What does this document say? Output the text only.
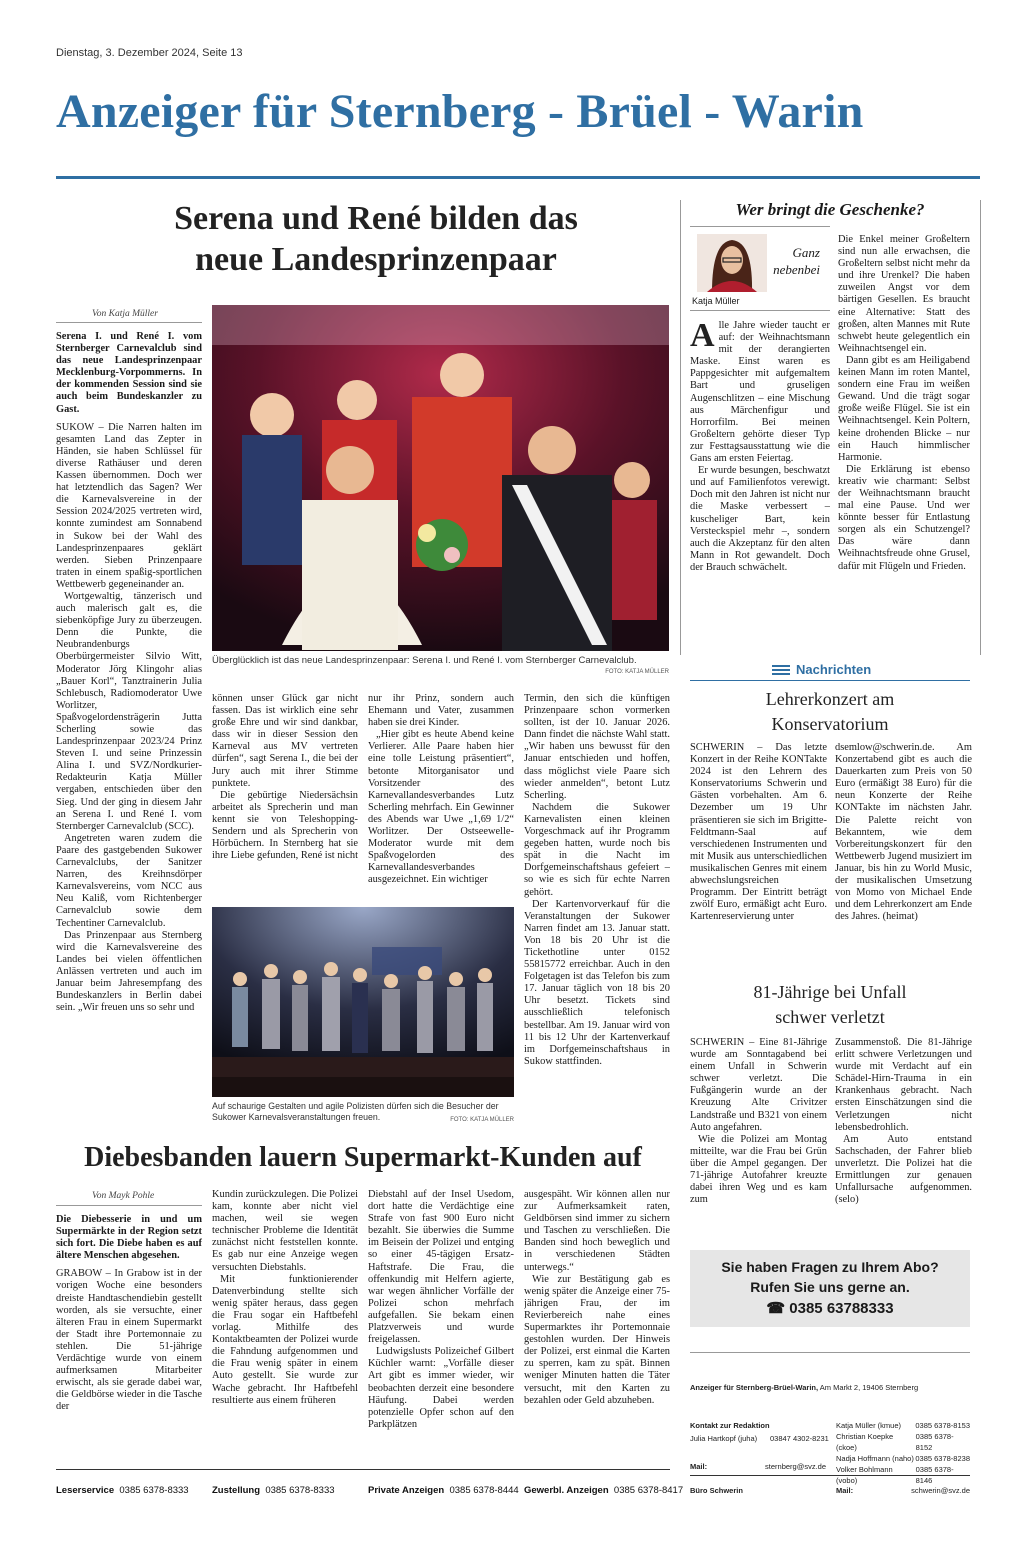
Dienstag, 3. Dezember 2024, Seite 13
Anzeiger für Sternberg - Brüel - Warin
Serena und René bilden das
neue Landesprinzenpaar
Von Katja Müller

Serena I. und René I. vom Sternberger Carnevalclub sind das neue Landesprinzenpaar Mecklenburg-Vorpommerns. In der kommenden Session sind sie auch beim Bundeskanzler zu Gast.

SUKOW – Die Narren halten im gesamten Land das Zepter in Händen, sie haben Schlüssel für diverse Rathäuser und deren Kassen übernommen. Doch wer hat letztendlich das Sagen? Wer die Karnevalsvereine in der Session 2024/2025 vertreten wird, konnte zumindest am Sonnabend in Sukow bei der Wahl des Landesprinzenpaares geklärt werden. Sieben Prinzenpaare traten in einem spaßig-sportlichen Wettbewerb gegeneinander an.

Wortgewaltig, tänzerisch und auch malerisch galt es, die siebenköpfige Jury zu überzeugen. Denn die Punkte, die Neubrandenburgs Oberbürgermeister Silvio Witt, Moderator Jörg Klingohr alias „Bauer Korl“, Tanztrainerin Julia Schlebusch, Radiomoderator Uwe Worlitzer, Spaßvogelordensträgerin Jutta Scherling sowie das Landesprinzenpaar 2023/24 Prinz Steven I. und seine Prinzessin Alina I. und SVZ/Nordkurier-Redakteurin Katja Müller vergaben, entschieden über den Sieg. Und der ging in diesem Jahr an Serena I. und René I. vom Sternberger Carnevalclub (SCC).

Angetreten waren zudem die Paare des gastgebenden Sukower Carnevalclubs, der Sanitzer Narren, des Kreihnsdörper Karnevalsvereins, vom NCC aus Neu Kaliß, vom Richtenberger Carnevalclub sowie dem Techentiner Carnevalclub.

Das Prinzenpaar aus Sternberg wird die Karnevalsvereine des Landes bei vielen öffentlichen Anlässen vertreten und auch im Januar beim Jahresempfang des Bundeskanzlers in Berlin dabei sein. „Wir freuen uns so sehr und

Überglücklich ist das neue Landesprinzenpaar: Serena I. und René I. vom Sternberger Carnevalclub.
FOTO: KATJA MÜLLER

können unser Glück gar nicht fassen. Das ist wirklich eine sehr große Ehre und wir sind dankbar, dass wir in dieser Session den Karneval aus MV vertreten dürfen“, sagt Serena I., die bei der Jury auch mit ihrer Stimme punktete.

Die gebürtige Niedersächsin arbeitet als Sprecherin und man kennt sie von Teleshopping-Sendern und als Sprecherin von Hörbüchern. In Sternberg hat sie ihre Liebe gefunden, René ist nicht

nur ihr Prinz, sondern auch Ehemann und Vater, zusammen haben sie drei Kinder.

„Hier gibt es heute Abend keine Verlierer. Alle Paare haben hier eine tolle Leistung präsentiert“, betonte Mitorganisator und Vorsitzender des Karnevallandesverbandes Lutz Scherling mehrfach. Ein Gewinner des Abends war Uwe „1,69 1/2“ Worlitzer. Der Ostseewelle-Moderator wurde mit dem Spaßvogelorden des Karnevallandesverbandes ausgezeichnet. Ein wichtiger

Termin, den sich die künftigen Prinzenpaare schon vormerken sollten, ist der 10. Januar 2026. Dann findet die nächste Wahl statt. „Wir haben uns bewusst für den Januar entschieden und hoffen, dass möglichst viele Paare sich wieder anmelden“, betont Lutz Scherling.

Nachdem die Sukower Karnevalisten einen kleinen Vorgeschmack auf ihr Programm gegeben hatten, wurde noch bis spät in die Nacht im Dorfgemeinschaftshaus gefeiert – so wie es sich für echte Narren gehört.

Der Kartenvorverkauf für die Veranstaltungen der Sukower Narren findet am 13. Januar statt. Von 18 bis 20 Uhr ist die Tickethotline unter 0152 55815772 erreichbar. Auch in den Folgetagen ist das Telefon bis zum 17. Januar täglich von 18 bis 20 Uhr besetzt. Tickets sind ausschließlich telefonisch bestellbar. Am 19. Januar wird von 11 bis 12 Uhr der Kartenverkauf im Dorfgemeinschaftshaus in Sukow stattfinden.

Auf schaurige Gestalten und agile Polizisten dürfen sich die Besucher der Sukower Karnevalsveranstaltungen freuen.	FOTO: KATJA MÜLLER
Diebesbanden lauern Supermarkt-Kunden auf
Von Mayk Pohle

Die Diebesserie in und um Supermärkte in der Region setzt sich fort. Die Diebe haben es auf ältere Menschen abgesehen.

GRABOW – In Grabow ist in der vorigen Woche eine besonders dreiste Handtaschendiebin gestellt worden, als sie versuchte, einer älteren Frau in einem Supermarkt der Stadt ihre Portemonnaie zu stehlen. Die 51-jährige Verdächtige wurde von einem aufmerksamen Mitarbeiter erwischt, als sie gerade dabei war, die Geldbörse wieder in die Tasche der

Kundin zurückzulegen. Die Polizei kam, konnte aber nicht viel machen, weil sie wegen technischer Probleme die Identität zunächst nicht feststellen konnte. Es gab nur eine Anzeige wegen versuchten Diebstahls.

Mit funktionierender Datenverbindung stellte sich wenig später heraus, dass gegen die Frau sogar ein Haftbefehl vorlag. Mithilfe des Kontaktbeamten der Polizei wurde die Fahndung aufgenommen und die Frau wenig später in einem Auto gestellt. Sie wurde zur Wache gebracht. Ihr Haftbefehl resultierte aus einem früheren

Diebstahl auf der Insel Usedom, dort hatte die Verdächtige eine Strafe von fast 900 Euro nicht bezahlt. Sie überwies die Summe im Beisein der Polizei und entging so einer 45-tägigen Ersatz-Haftstrafe. Die Frau, die offenkundig mit Helfern agierte, war wegen ähnlicher Vorfälle der Polizei schon mehrfach aufgefallen. Sie bekam einen Platzverweis und wurde freigelassen.

Ludwigslusts Polizeichef Gilbert Küchler warnt: „Vorfälle dieser Art gibt es immer wieder, wir beobachten derzeit eine besondere Häufung. Dabei werden potenzielle Opfer schon auf den Parkplätzen

ausgespäht. Wir können allen nur zur Aufmerksamkeit raten, Geldbörsen sind immer zu sichern und Taschen zu verschließen. Die Banden sind hoch beweglich und in verschiedenen Städten unterwegs.“

Wie zur Bestätigung gab es wenig später die Anzeige einer 75-jährigen Frau, der im Revierbereich nahe eines Supermarktes ihr Portemonnaie gestohlen wurden. Der Hinweis der Polizei, erst einmal die Karten zu sperren, kam zu spät. Binnen weniger Minuten hatten die Täter versucht, mit den Karten zu bezahlen oder Geld abzuheben.

Wer bringt die Geschenke?
Ganz
nebenbei
Katja Müller

Alle Jahre wieder taucht er auf: der Weihnachtsmann mit der derangierten Maske. Einst waren es Pappgesichter mit aufgemaltem Bart und gruseligen Augenschlitzen – eine Mischung aus Märchenfigur und Horrorfilm. Bei meinen Großeltern gehörte dieser Typ zur Festtagsausstattung wie die Gans am ersten Feiertag.

Er wurde besungen, beschwatzt und auf Familienfotos verewigt. Doch mit den Jahren ist nicht nur die Maske verbessert – kuscheliger Bart, kein Versteckspiel mehr –, sondern auch die Akzeptanz für den alten Mann in Rot gewandelt. Doch der Brauch schwächelt.

Die Enkel meiner Großeltern sind nun alle erwachsen, die Großeltern selbst nicht mehr da und ihre Urenkel? Die haben zuweilen Angst vor dem bärtigen Gesellen. Es braucht eine Alternative: Statt des großen, alten Mannes mit Rute schwebt heute gelegentlich ein Weihnachtsengel ein.

Dann gibt es am Heiligabend keinen Mann im roten Mantel, sondern eine Frau im weißen Gewand. Und die trägt sogar große weiße Flügel. Sie ist ein Weihnachtsengel. Kein Poltern, keine drohenden Blicke – nur ein Hauch himmlischer Harmonie.

Die Erklärung ist ebenso kreativ wie charmant: Selbst der Weihnachtsmann braucht mal eine Pause. Und wer könnte besser für Entlastung sorgen als ein Schutzengel? Das wäre dann Weihnachtsfreude ohne Grusel, dafür mit Flügeln und Frieden.

Nachrichten
Lehrerkonzert am
Konservatorium

SCHWERIN – Das letzte Konzert in der Reihe KONTakte 2024 ist den Lehrern des Konservatoriums Schwerin und Gästen vorbehalten. Am 6. Dezember um 19 Uhr präsentieren sie sich im Brigitte-Feldtmann-Saal auf verschiedenen Instrumenten und mit Musik aus unterschiedlichen musikalischen Genres mit einem abwechslungsreichen Programm. Der Eintritt beträgt zwölf Euro, ermäßigt acht Euro. Kartenreservierung unter

dsemlow@schwerin.de. Am Konzertabend gibt es auch die Dauerkarten zum Preis von 50 Euro (ermäßigt 38 Euro) für die neun Konzerte der Reihe KONTakte im nächsten Jahr. Die Palette reicht von Bekanntem, wie dem Vorbereitungskonzert für den Wettbewerb Jugend musiziert im Januar, bis hin zu World Music, der musikalischen Umsetzung von Momo von Michael Ende und dem Lehrerkonzert am Ende des Jahres. (heimat)

81-Jährige bei Unfall
schwer verletzt

SCHWERIN – Eine 81-Jährige wurde am Sonntagabend bei einem Unfall in Schwerin schwer verletzt. Die Fußgängerin wurde an der Kreuzung Alte Crivitzer Landstraße und B321 von einem Auto angefahren.

Wie die Polizei am Montag mitteilte, war die Frau bei Grün über die Ampel gegangen. Der 71-jährige Autofahrer kreuzte dabei ihren Weg und es kam zum

Zusammenstoß. Die 81-Jährige erlitt schwere Verletzungen und wurde mit Verdacht auf ein Schädel-Hirn-Trauma in ein Krankenhaus gebracht. Nach ersten Einschätzungen sind die Verletzungen nicht lebensbedrohlich.

Am Auto entstand Sachschaden, der Fahrer blieb unverletzt. Die Polizei hat die Ermittlungen zur genauen Unfallursache aufgenommen. (selo)

Sie haben Fragen zu Ihrem Abo?
Rufen Sie uns gerne an.
☎ 0385 63788333
Anzeiger für Sternberg-Brüel-Warin, Am Markt 2, 19406 Sternberg
Kontakt zur Redaktion
Julia Hartkopf (juha) 03847 4302-8231
Katja Müller (kmue) 0385 6378-8153
Christian Koepke (ckoe)
0385 6378-8152
Nadja Hoffmann (naho) 0385 6378-8238
Volker Bohlmann (vobo)
0385 6378-8146
Mail:	sternberg@svz.de
Leserservice 0385 6378-8333 Zustellung 0385 6378-8333	Private Anzeigen 0385 6378-8444 Gewerbl. Anzeigen 0385 6378-8417 Büro Schwerin	Mail:	schwerin@svz.de
